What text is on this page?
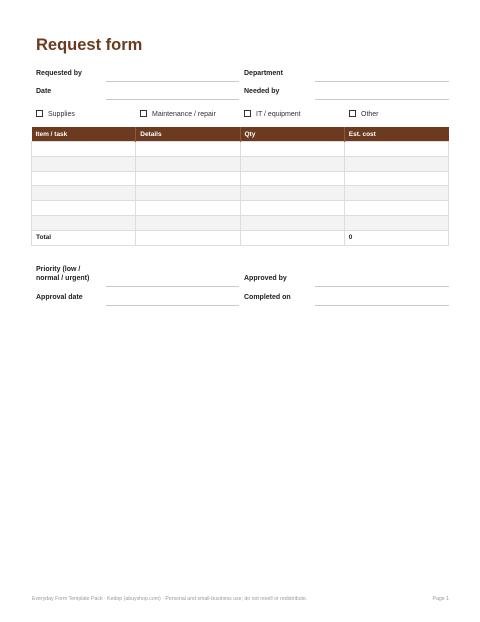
Request form
Requested by	Department
Date	Needed by
Supplies	Maintenance / repair	IT / equipment	Other
Item / task	Details	Qty	Est. cost

Total			0
Priority (low /
normal / urgent)	Approved by
Approval date	Completed on
Everyday Form Template Pack · Kedop (abuyshop.com) · Personal and small-business use; do not resell or redistribute.	Page 1
